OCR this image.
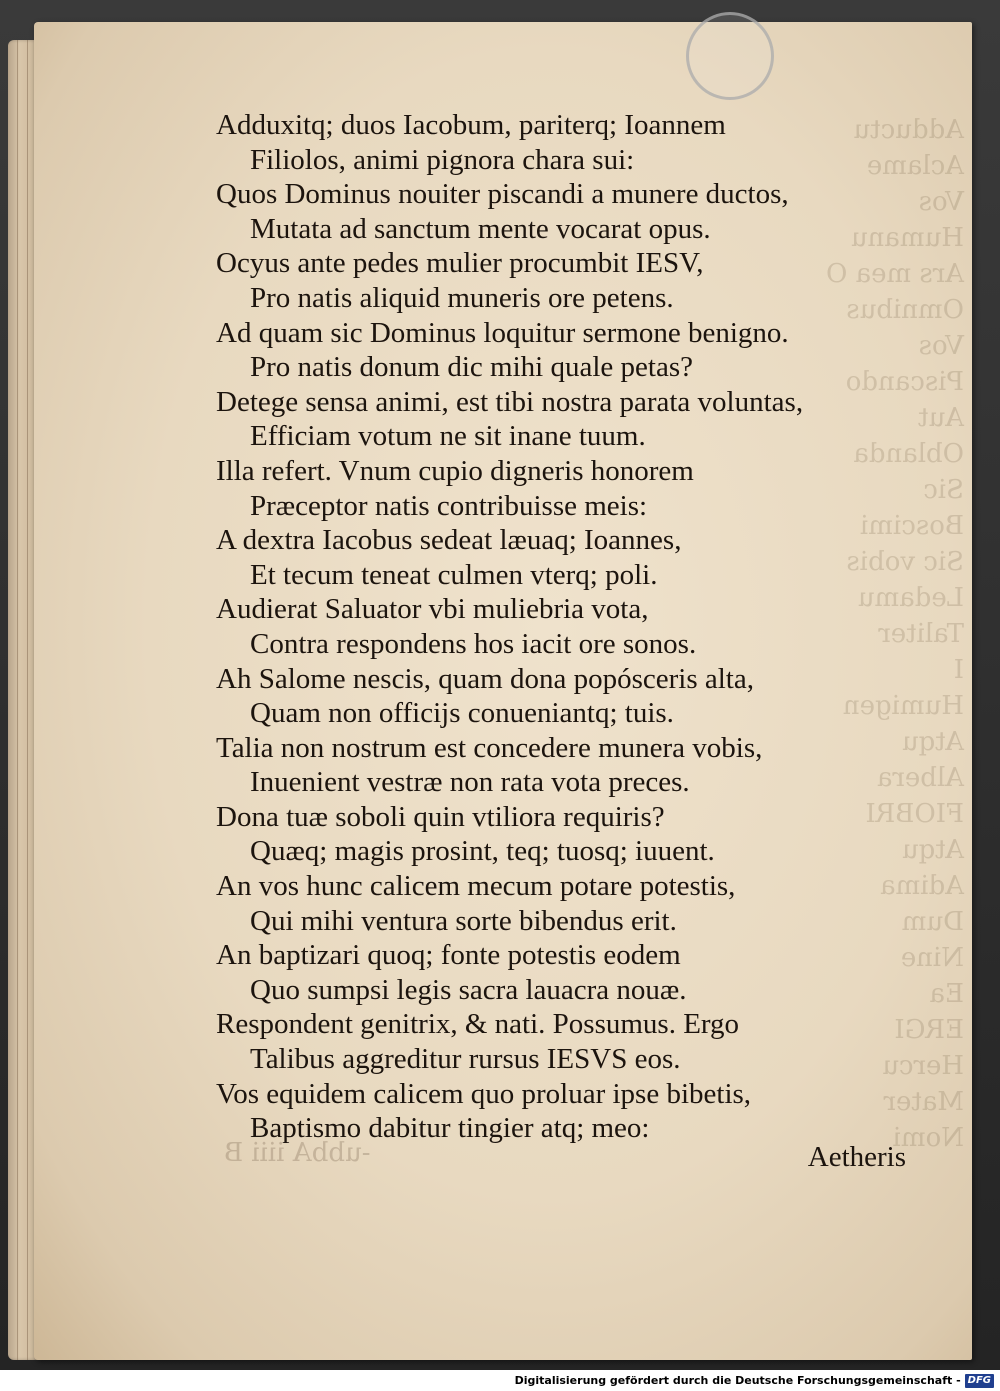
Adductu
Aclame
Vos
Humanu
Ars mea O
Omnibus
Vos
Piscando
Aut
Oblanda
Sic
Boscimi
Sic vobis
Ledamu
Taliter
I
Humigen
Atqu
Albera
FIOBRI
Atqu
Adima
Dum
Nine
Ea
ERGI
Hercu
Mater
Nomi
Adduxitq; duos Iacobum, pariterq; Ioannem
Filiolos, animi pignora chara sui:
Quos Dominus nouiter piscandi a munere ductos,
Mutata ad sanctum mente vocarat opus.
Ocyus ante pedes mulier procumbit IESV,
Pro natis aliquid muneris ore petens.
Ad quam sic Dominus loquitur sermone benigno.
Pro natis donum dic mihi quale petas?
Detege sensa animi, est tibi nostra parata voluntas,
Efficiam votum ne sit inane tuum.
Illa refert. Vnum cupio digneris honorem
Præceptor natis contribuisse meis:
A dextra Iacobus sedeat læuaq; Ioannes,
Et tecum teneat culmen vterq; poli.
Audierat Saluator vbi muliebria vota,
Contra respondens hos iacit ore sonos.
Ah Salome nescis, quam dona popósceris alta,
Quam non officijs conueniantq; tuis.
Talia non nostrum est concedere munera vobis,
Inuenient vestræ non rata vota preces.
Dona tuæ soboli quin vtiliora requiris?
Quæq; magis prosint, teq; tuosq; iuuent.
An vos hunc calicem mecum potare potestis,
Qui mihi ventura sorte bibendus erit.
An baptizari quoq; fonte potestis eodem
Quo sumpsi legis sacra lauacra nouæ.
Respondent genitrix, & nati. Possumus. Ergo
Talibus aggreditur rursus IESVS eos.
Vos equidem calicem quo proluar ipse bibetis,
Baptismo dabitur tingier atq; meo:
-ubbA ⅲⅰ B	Aetheris
Digitalisierung gefördert durch die Deutsche Forschungsgemeinschaft - DFG
